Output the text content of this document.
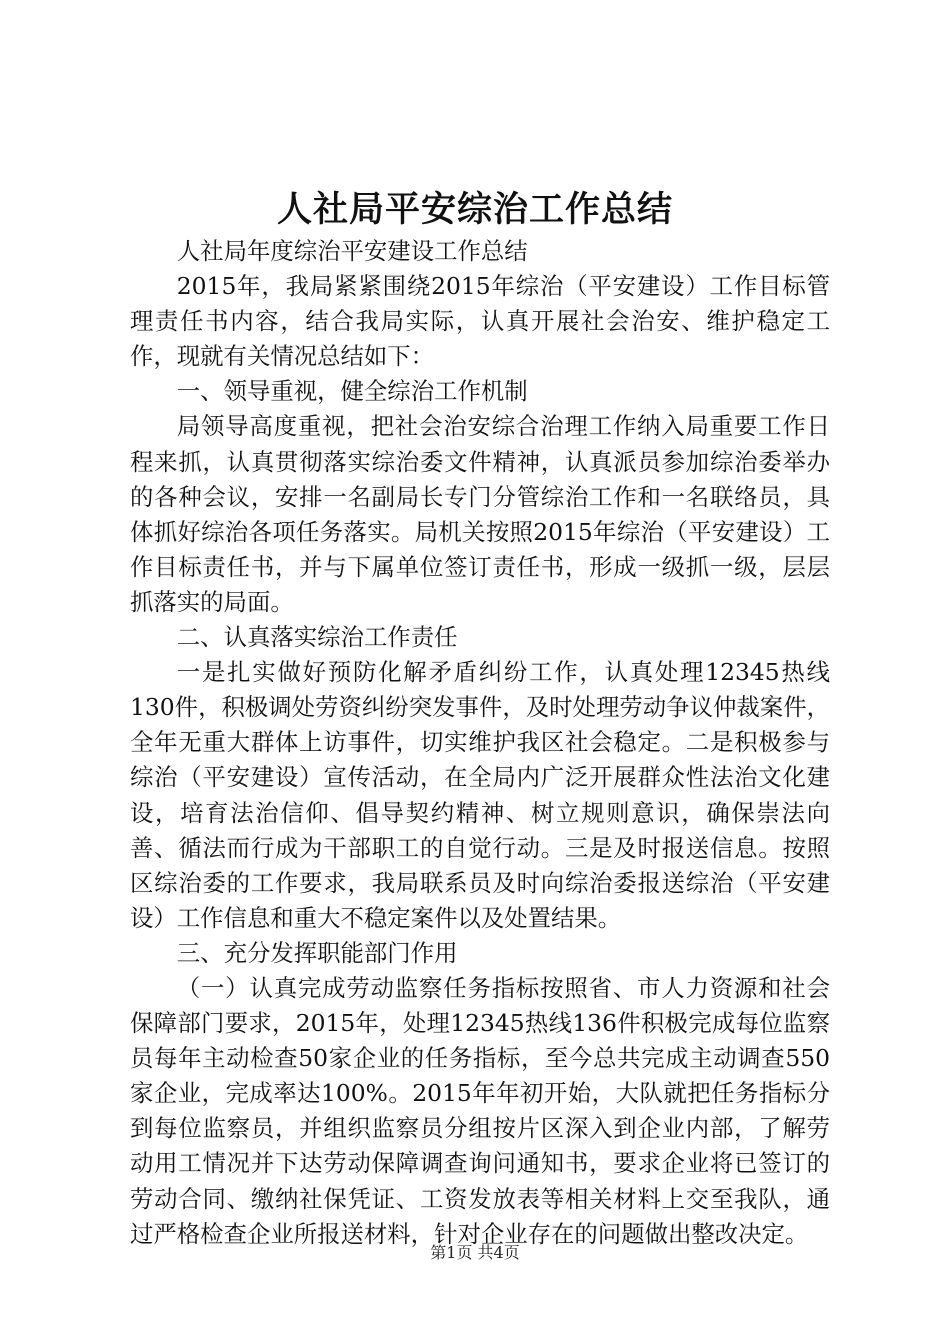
人社局平安综治工作总结

人社局年度综治平安建设工作总结

2015年，我局紧紧围绕2015年综治（平安建设）工作目标管理责任书内容，结合我局实际，认真开展社会治安、维护稳定工作，现就有关情况总结如下：

一、领导重视，健全综治工作机制

局领导高度重视，把社会治安综合治理工作纳入局重要工作日程来抓，认真贯彻落实综治委文件精神，认真派员参加综治委举办的各种会议，安排一名副局长专门分管综治工作和一名联络员，具体抓好综治各项任务落实。局机关按照2015年综治（平安建设）工作目标责任书，并与下属单位签订责任书，形成一级抓一级，层层抓落实的局面。

二、认真落实综治工作责任

一是扎实做好预防化解矛盾纠纷工作，认真处理12345热线130件，积极调处劳资纠纷突发事件，及时处理劳动争议仲裁案件，全年无重大群体上访事件，切实维护我区社会稳定。二是积极参与综治（平安建设）宣传活动，在全局内广泛开展群众性法治文化建设，培育法治信仰、倡导契约精神、树立规则意识，确保崇法向善、循法而行成为干部职工的自觉行动。三是及时报送信息。按照区综治委的工作要求，我局联系员及时向综治委报送综治（平安建设）工作信息和重大不稳定案件以及处置结果。

三、充分发挥职能部门作用

（一）认真完成劳动监察任务指标按照省、市人力资源和社会保障部门要求，2015年，处理12345热线136件积极完成每位监察员每年主动检查50家企业的任务指标，至今总共完成主动调查550家企业，完成率达100%。2015年年初开始，大队就把任务指标分到每位监察员，并组织监察员分组按片区深入到企业内部，了解劳动用工情况并下达劳动保障调查询问通知书，要求企业将已签订的劳动合同、缴纳社保凭证、工资发放表等相关材料上交至我队，通过严格检查企业所报送材料，针对企业存在的问题做出整改决定。

第1页 共4页
